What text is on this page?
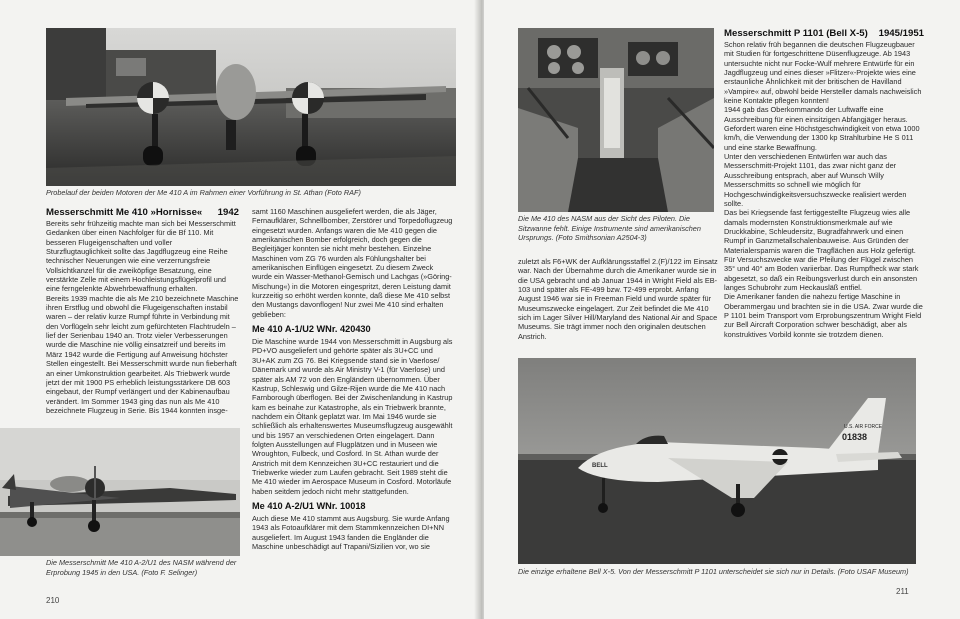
Probelauf der beiden Motoren der Me 410 A im Rahmen einer Vorführung in St. Athan (Foto RAF)
Messerschmitt Me 410 »Hornisse« 1942

Bereits sehr frühzeitig machte man sich bei Messerschmitt Gedanken über einen Nachfolger für die Bf 110. Mit besseren Flugeigenschaften und voller Sturzflugtauglichkeit sollte das Jagdflugzeug eine Reihe technischer Neuerungen wie eine verzerrungsfreie Vollsichtkanzel für die zweiköpfige Besatzung, eine verstärkte Zelle mit einem Hochleistungsflügelprofil und eine ferngelenkte Abwehrbewaffnung erhalten.

Bereits 1939 machte die als Me 210 bezeichnete Maschine ihren Erstflug und obwohl die Flugeigenschaften instabil waren – der relativ kurze Rumpf führte in Verbindung mit den Vorflügeln sehr leicht zum gefürchteten Flachtrudeln – lief der Serienbau 1940 an. Trotz vieler Verbesserungen wurde die Maschine nie völlig einsatzreif und bereits im März 1942 wurde die Fertigung auf Anweisung höchster Stellen eingestellt. Bei Messerschmitt wurde nun fieberhaft an einer Umkonstruktion gearbeitet. Als Triebwerk wurde jetzt der mit 1900 PS erheblich leistungsstärkere DB 603 eingebaut, der Rumpf verlängert und der Kabinenaufbau verändert. Im Sommer 1943 ging das nun als Me 410 bezeichnete Flugzeug in Serie. Bis 1944 konnten insge-

Die Messerschmitt Me 410 A-2/U1 des NASM während der Erprobung 1945 in den USA. (Foto F. Selinger)

samt 1160 Maschinen ausgeliefert werden, die als Jäger, Fernaufklärer, Schnellbomber, Zerstörer und Torpedoflugzeug eingesetzt wurden. Anfangs waren die Me 410 gegen die amerikanischen Bomber erfolgreich, doch gegen die Begleitjäger konnten sie nicht mehr bestehen. Einzelne Maschinen vom ZG 76 wurden als Fühlungshalter bei amerikanischen Einflügen eingesetzt. Zu diesem Zweck wurde ein Wasser-Methanol-Gemisch und Lachgas (»Göring-Mischung«) in die Motoren eingespritzt, deren Leistung damit kurzzeitig so erhöht werden konnte, daß diese Me 410 selbst den Mustangs davonflogen! Nur zwei Me 410 sind erhalten geblieben:

Me 410 A-1/U2 WNr. 420430

Die Maschine wurde 1944 von Messerschmitt in Augsburg als PD+VO ausgeliefert und gehörte später als 3U+CC und 3U+AK zum ZG 76. Bei Kriegsende stand sie in Vaerlose/ Dänemark und wurde als Air Ministry V-1 (für Vaerlose) und später als AM 72 von den Engländern übernommen. Über Kastrup, Schleswig und Gilze-Rijen wurde die Me 410 nach Farnborough überflogen. Bei der Zwischenlandung in Kastrup kam es beinahe zur Katastrophe, als ein Triebwerk brannte, nachdem ein Öltank geplatzt war. Im Mai 1946 wurde sie schließlich als erhaltenswertes Museumsflugzeug ausgewählt und bis 1957 an verschiedenen Orten eingelagert. Dann folgten Ausstellungen auf Flugplätzen und in Museen wie Wroughton, Fulbeck, und Cosford. In St. Athan wurde der Anstrich mit dem Kennzeichen 3U+CC restauriert und die Triebwerke wieder zum Laufen gebracht. Seit 1989 steht die Me 410 wieder im Aerospace Museum in Cosford. Motorläufe haben seitdem jedoch nicht mehr stattgefunden.

Me 410 A-2/U1 WNr. 10018

Auch diese Me 410 stammt aus Augsburg. Sie wurde Anfang 1943 als Fotoaufklärer mit dem Stammkennzeichen DI+NN ausgeliefert. Im August 1943 fanden die Engländer die Maschine unbeschädigt auf Trapani/Sizilien vor, wo sie

210
Die Me 410 des NASM aus der Sicht des Piloten. Die Sitzwanne fehlt. Einige Instrumente sind amerikanischen Ursprungs. (Foto Smithsonian A2504-3)

zuletzt als F6+WK der Aufklärungsstaffel 2.(F)/122 im Einsatz war. Nach der Übernahme durch die Amerikaner wurde sie in die USA gebracht und ab Januar 1944 in Wright Field als EB-103 und später als FE-499 bzw. T2-499 erprobt. Anfang August 1946 war sie in Freeman Field und wurde später für Museumszwecke eingelagert. Zur Zeit befindet die Me 410 sich im Lager Silver Hill/Maryland des National Air and Space Museums. Sie trägt immer noch den originalen deutschen Anstrich.

Messerschmitt P 1101 (Bell X-5) 1945/1951

Schon relativ früh begannen die deutschen Flugzeugbauer mit Studien für fortgeschrittene Düsenflugzeuge. Ab 1943 untersuchte nicht nur Focke-Wulf mehrere Entwürfe für ein Jagdflugzeug und eines dieser »Flitzer«-Projekte wies eine erstaunliche Ähnlichkeit mit der britischen de Havilland »Vampire« auf, obwohl beide Hersteller damals nachweislich keine Kontakte pflegen konnten!

1944 gab das Oberkommando der Luftwaffe eine Ausschreibung für einen einsitzigen Abfangjäger heraus. Gefordert waren eine Höchstgeschwindigkeit von etwa 1000 km/h, die Verwendung der 1300 kp Strahlturbine He S 011 und eine starke Bewaffnung.

Unter den verschiedenen Entwürfen war auch das Messerschmitt-Projekt 1101, das zwar nicht ganz der Ausschreibung entsprach, aber auf Wunsch Willy Messerschmitts so schnell wie möglich für Hochgeschwindigkeitsversuchszwecke realisiert werden sollte.

Das bei Kriegsende fast fertiggestellte Flugzeug wies alle damals modernsten Konstruktionsmerkmale auf wie Druckkabine, Schleudersitz, Bugradfahrwerk und einen Rumpf in Ganzmetallschalenbauweise. Aus Gründen der Materialersparnis waren die Tragflächen aus Holz gefertigt.

Für Versuchszwecke war die Pfeilung der Flügel zwischen 35° und 40° am Boden variierbar. Das Rumpfheck war stark abgesetzt, so daß ein Reibungsverlust durch ein ansonsten langes Schubrohr zum Heckausläß entfiel.

Die Amerikaner fanden die nahezu fertige Maschine in Oberammergau und brachten sie in die USA. Zwar wurde die P 1101 beim Transport vom Erprobungszentrum Wright Field zur Bell Aircraft Corporation schwer beschädigt, aber als konstruktives Vorbild konnte sie trotzdem dienen.

U.S. AIR FORCE
01838
BELL
Die einzige erhaltene Bell X-5. Von der Messerschmitt P 1101 unterscheidet sie sich nur in Details. (Foto USAF Museum)
211
